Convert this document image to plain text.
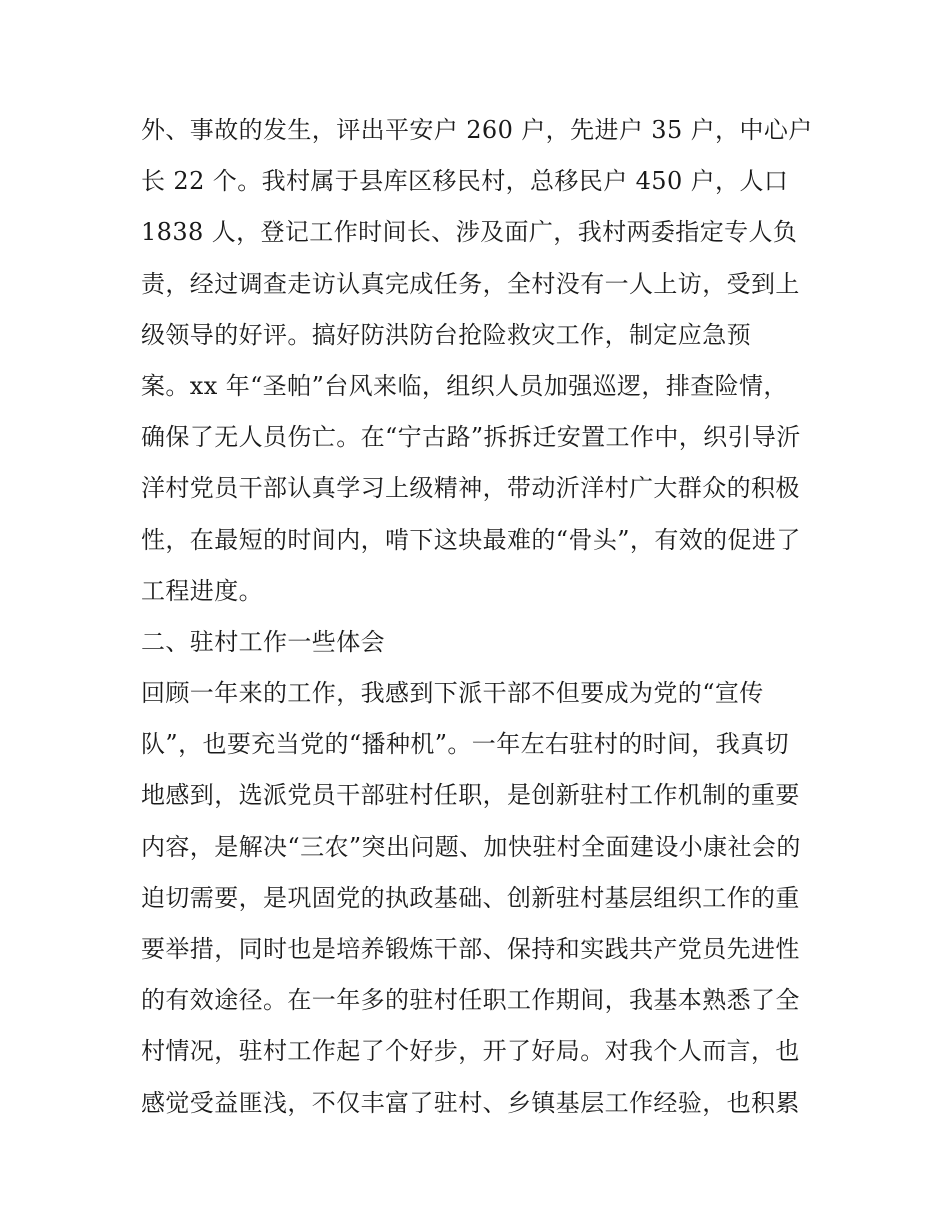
外、事故的发生，评出平安户 260 户，先进户 35 户，中心户
长 22 个。我村属于县库区移民村，总移民户 450 户，人口
1838 人，登记工作时间长、涉及面广，我村两委指定专人负
责，经过调查走访认真完成任务，全村没有一人上访，受到上
级领导的好评。搞好防洪防台抢险救灾工作，制定应急预
案。xx 年“圣帕”台风来临，组织人员加强巡逻，排查险情，
确保了无人员伤亡。在“宁古路”拆拆迁安置工作中，织引导沂
洋村党员干部认真学习上级精神，带动沂洋村广大群众的积极
性，在最短的时间内，啃下这块最难的“骨头”，有效的促进了
工程进度。
二、驻村工作一些体会
回顾一年来的工作，我感到下派干部不但要成为党的“宣传
队”，也要充当党的“播种机”。一年左右驻村的时间，我真切
地感到，选派党员干部驻村任职，是创新驻村工作机制的重要
内容，是解决“三农”突出问题、加快驻村全面建设小康社会的
迫切需要，是巩固党的执政基础、创新驻村基层组织工作的重
要举措，同时也是培养锻炼干部、保持和实践共产党员先进性
的有效途径。在一年多的驻村任职工作期间，我基本熟悉了全
村情况，驻村工作起了个好步，开了好局。对我个人而言，也
感觉受益匪浅，不仅丰富了驻村、乡镇基层工作经验，也积累
